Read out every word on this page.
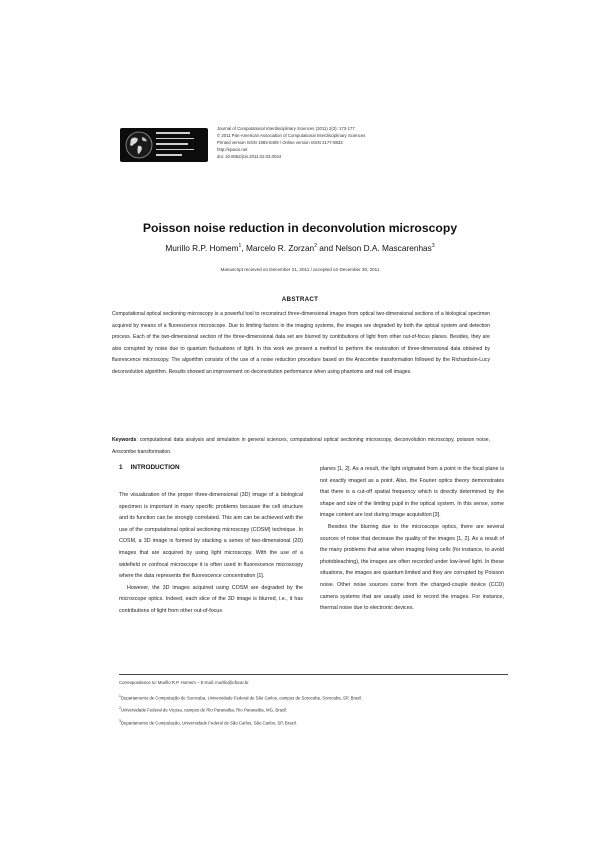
Journal of Computational Interdisciplinary Sciences (2011) 2(3): 173-177
© 2011 Pan-American Association of Computational Interdisciplinary Sciences
Printed version ISSN 1983-8409 / Online version ISSN 2177-8833
http://epacis.net
doi: 10.6062/jcis.2011.02.03.0044
Poisson noise reduction in deconvolution microscopy
Murillo R.P. Homem$^1$, Marcelo R. Zorzan$^2$ and Nelson D.A. Mascarenhas$^3$
Manuscript received on December 21, 2011 / accepted on December 30, 2011
ABSTRACT
Computational optical sectioning microscopy is a powerful tool to reconstruct three-dimensional images from optical two-dimensional sections of a biological specimen acquired by means of a fluorescence microscope. Due to limiting factors in the imaging systems, the images are degraded by both the optical system and detection process. Each of the two-dimensional section of the three-dimensional data set are blurred by contributions of light from other out-of-focus planes. Besides, they are also corrupted by noise due to quantum fluctuations of light. In this work we present a method to perform the restoration of three-dimensional data obtained by fluorescence microscopy. The algorithm consists of the use of a noise reduction procedure based on the Anscombe transformation followed by the Richardson-Lucy deconvolution algorithm. Results showed an improvement on deconvolution performance when using phantoms and real cell images.
Keywords: computational data analysis and simulation in general sciences, computational optical sectioning microscopy, deconvolution microscopy, poisson noise, Anscombe transformation.
1 INTRODUCTION

The visualization of the proper three-dimensional (3D) image of a biological specimen is important in many specific problems because the cell structure and its function can be strongly correlated. This aim can be achieved with the use of the computational optical sectioning microscopy (COSM) technique. In COSM, a 3D image is formed by stacking a series of two-dimensional (2D) images that are acquired by using light microscopy. With the use of a widefield or confocal microscope it is often used in fluorescence microscopy where the data represents the fluorescence concentration [1].

However, the 3D images acquired using COSM are degraded by the microscope optics. Indeed, each slice of the 3D image is blurred, i.e., it has contributions of light from other out-of-focus

planes [1, 2]. As a result, the light originated from a point in the focal plane is not exactly imaged as a point. Also, the Fourier optics theory demonstrates that there is a cut-off spatial frequency which is directly determined by the shape and size of the limiting pupil in the optical system. In this sense, some image content are lost during image acquisition [3].

Besides the blurring due to the microscope optics, there are several sources of noise that decrease the quality of the images [1, 2]. As a result of the many problems that arise when imaging living cells (for instance, to avoid photobleaching), the images are often recorded under low-level light. In these situations, the images are quantum limited and they are corrupted by Poisson noise. Other noise sources come from the charged-couple device (CCD) camera systems that are usually used to record the images. For instance, thermal noise due to electronic devices.

Correspondence to: Murillo R.P. Homem – E-mail: murillo@ufscar.br
$^1$Departamento de Computação de Sorocaba, Universidade Federal de São Carlos, campus de Sorocaba, Sorocaba, SP, Brazil.
$^2$Universidade Federal de Viçosa, campus de Rio Paranaíba, Rio Paranaíba, MG, Brazil.
$^3$Departamento de Computação, Universidade Federal de São Carlos, São Carlos, SP, Brazil.
